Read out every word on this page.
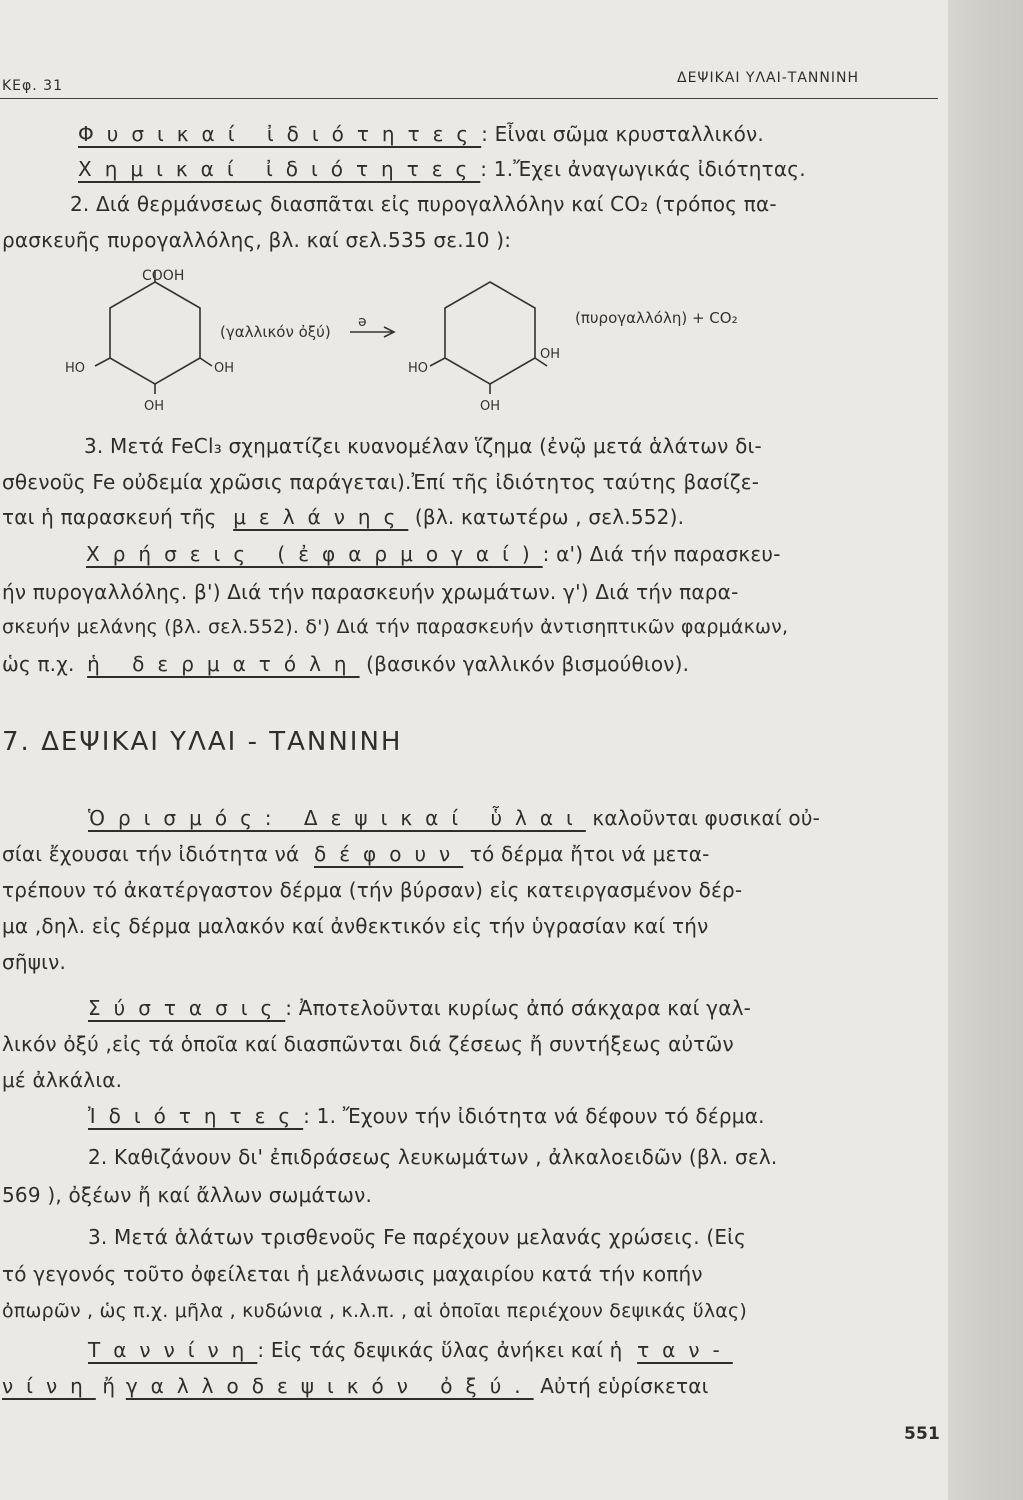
ΚΕφ. 31	ΔΕΨΙΚΑΙ ΥΛΑΙ-ΤΑΝΝΙΝΗ
Φυσικαί ἰδιότητες: Εἶναι σῶμα κρυσταλλικόν.
Χημικαί ἰδιότητες: 1.Ἔχει ἀναγωγικάς ἰδιότητας.
2. Διά θερμάνσεως διασπᾶται εἰς πυρογαλλόλην καί CO₂ (τρόπος πα-
ρασκευῆς πυρογαλλόλης, βλ. καί σελ.535 σε.10 ):
COOH
HO	OH
OH
(γαλλικόν ὀξύ)
ə
HO
OH
OH
(πυρογαλλόλη) + CO₂
3. Μετά FeCl₃ σχηματίζει κυανομέλαν ἵζημα (ἐνῷ μετά ἁλάτων δι-
σθενοῦς Fe οὐδεμία χρῶσις παράγεται).Ἐπί τῆς ἰδιότητος ταύτης βασίζε-
ται ἡ παρασκευή τῆς μελάνης (βλ. κατωτέρω , σελ.552).
Χρήσεις (ἐφαρμογαί): α') Διά τήν παρασκευ-
ήν πυρογαλλόλης. β') Διά τήν παρασκευήν χρωμάτων. γ') Διά τήν παρα-
σκευήν μελάνης (βλ. σελ.552). δ') Διά τήν παρασκευήν ἀντισηπτικῶν φαρμάκων,
ὡς π.χ. ἡ δερματόλη (βασικόν γαλλικόν βισμούθιον).
7. ΔΕΨΙΚΑΙ ΥΛΑΙ - ΤΑΝΝΙΝΗ
Ὁρισμός: Δεψικαί ὗλαι καλοῦνται φυσικαί οὐ-
σίαι ἔχουσαι τήν ἰδιότητα νά δέφουν τό δέρμα ἤτοι νά μετα-
τρέπουν τό ἀκατέργαστον δέρμα (τήν βύρσαν) εἰς κατειργασμένον δέρ-
μα ,δηλ. εἰς δέρμα μαλακόν καί ἀνθεκτικόν εἰς τήν ὑγρασίαν καί τήν
σῆψιν.
Σύστασις: Ἀποτελοῦνται κυρίως ἀπό σάκχαρα καί γαλ-
λικόν ὀξύ ,εἰς τά ὁποῖα καί διασπῶνται διά ζέσεως ἤ συντήξεως αὐτῶν
μέ ἀλκάλια.
Ἰδιότητες: 1. Ἔχουν τήν ἰδιότητα νά δέφουν τό δέρμα.
2. Καθιζάνουν δι' ἐπιδράσεως λευκωμάτων , ἀλκαλοειδῶν (βλ. σελ.
569 ), ὀξέων ἤ καί ἄλλων σωμάτων.
3. Μετά ἁλάτων τρισθενοῦς Fe παρέχουν μελανάς χρώσεις. (Εἰς
τό γεγονός τοῦτο ὀφείλεται ἡ μελάνωσις μαχαιρίου κατά τήν κοπήν
ὀπωρῶν , ὡς π.χ. μῆλα , κυδώνια , κ.λ.π. , αἱ ὁποῖαι περιέχουν δεψικάς ὕλας)
Ταννίνη: Εἰς τάς δεψικάς ὕλας ἀνήκει καί ἡ ταν-
νίνη ἤ γαλλοδεψικόν ὀξύ. Αὐτή εὑρίσκεται
551
